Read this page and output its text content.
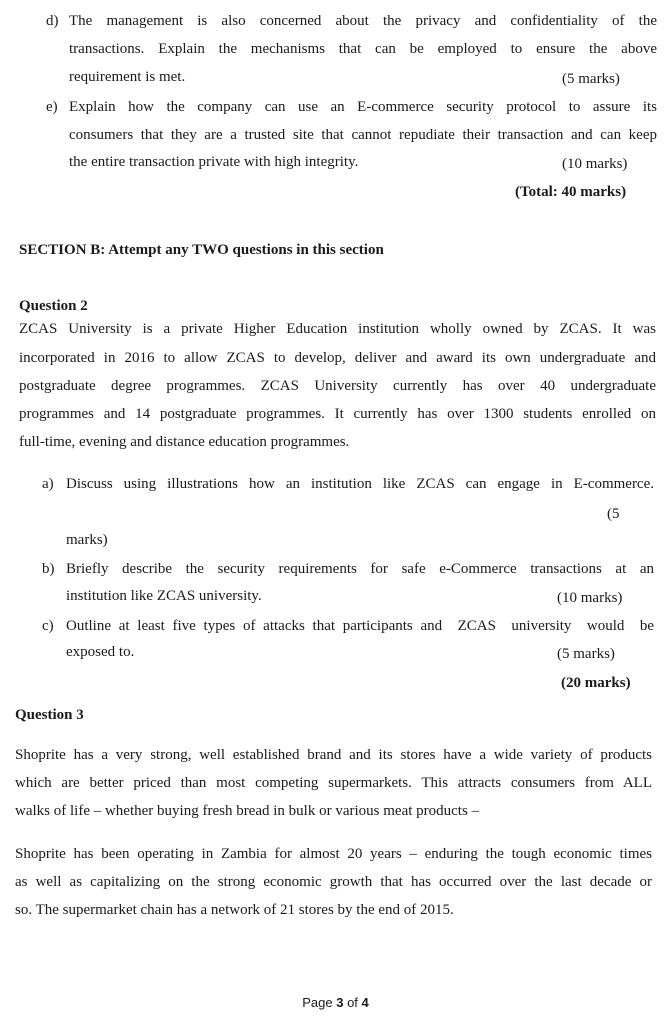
d) The management is also concerned about the privacy and confidentiality of the
transactions. Explain the mechanisms that can be employed to ensure the above
requirement is met.	(5 marks)
e) Explain how the company can use an E-commerce security protocol to assure its
consumers that they are a trusted site that cannot repudiate their transaction and can keep
the entire transaction private with high integrity.	(10 marks)
(Total: 40 marks)
SECTION B: Attempt any TWO questions in this section
Question 2
ZCAS University is a private Higher Education institution wholly owned by ZCAS. It was
incorporated in 2016 to allow ZCAS to develop, deliver and award its own undergraduate and
postgraduate degree programmes. ZCAS University currently has over 40 undergraduate
programmes and 14 postgraduate programmes. It currently has over 1300 students enrolled on
full-time, evening and distance education programmes.
a) Discuss using illustrations how an institution like ZCAS can engage in E-commerce.
(5
marks)
b) Briefly describe the security requirements for safe e-Commerce transactions at an
institution like ZCAS university.	(10 marks)
c) Outline at least five types of attacks that participants and  ZCAS  university  would  be
exposed to.	(5 marks)
(20 marks)
Question 3
Shoprite has a very strong, well established brand and its stores have a wide variety of products
which are better priced than most competing supermarkets. This attracts consumers from ALL
walks of life – whether buying fresh bread in bulk or various meat products –
Shoprite has been operating in Zambia for almost 20 years – enduring the tough economic times
as well as capitalizing on the strong economic growth that has occurred over the last decade or
so. The supermarket chain has a network of 21 stores by the end of 2015.
Page 3 of 4
